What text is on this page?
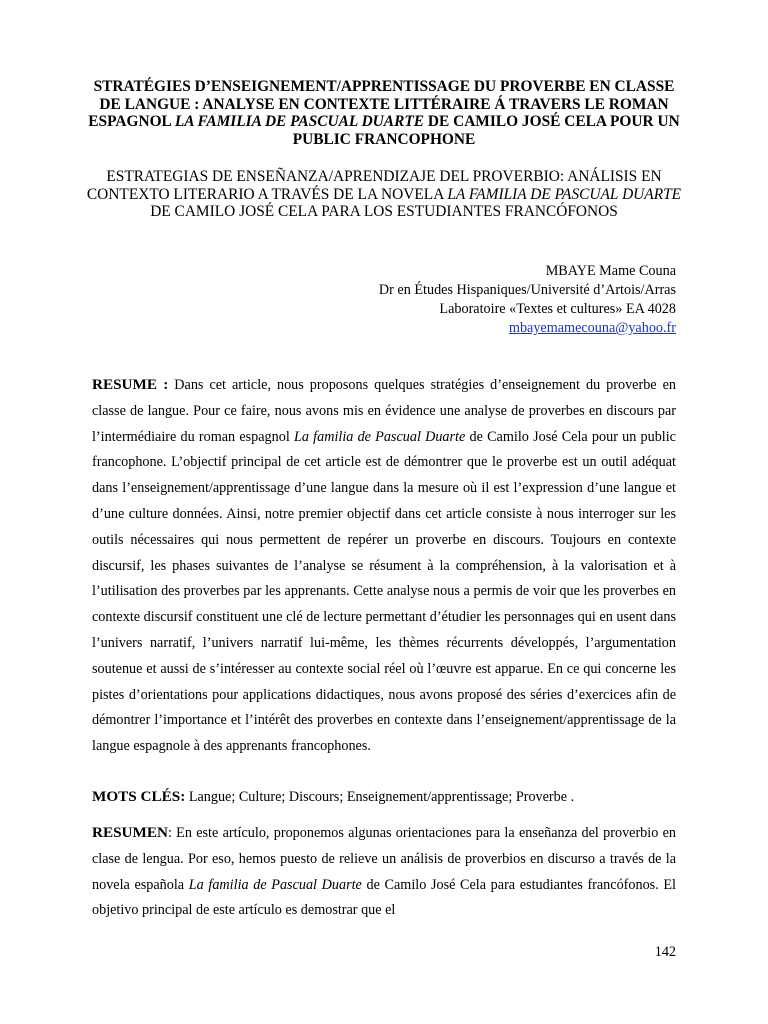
STRATÉGIES D’ENSEIGNEMENT/APPRENTISSAGE DU PROVERBE EN CLASSE DE LANGUE : ANALYSE EN CONTEXTE LITTÉRAIRE Á TRAVERS LE ROMAN ESPAGNOL LA FAMILIA DE PASCUAL DUARTE DE CAMILO JOSÉ CELA POUR UN PUBLIC FRANCOPHONE
ESTRATEGIAS DE ENSEÑANZA/APRENDIZAJE DEL PROVERBIO: ANÁLISIS EN CONTEXTO LITERARIO A TRAVÉS DE LA NOVELA LA FAMILIA DE PASCUAL DUARTE DE CAMILO JOSÉ CELA PARA LOS ESTUDIANTES FRANCÓFONOS
MBAYE Mame Couna
Dr en Études Hispaniques/Université d’Artois/Arras
Laboratoire «Textes et cultures» EA 4028
mbayemamecouna@yahoo.fr

RESUME : Dans cet article, nous proposons quelques stratégies d’enseignement du proverbe en classe de langue. Pour ce faire, nous avons mis en évidence une analyse de proverbes en discours par l’intermédiaire du roman espagnol La familia de Pascual Duarte de Camilo José Cela pour un public francophone. L’objectif principal de cet article est de démontrer que le proverbe est un outil adéquat dans l’enseignement/apprentissage d’une langue dans la mesure où il est l’expression d’une langue et d’une culture données. Ainsi, notre premier objectif dans cet article consiste à nous interroger sur les outils nécessaires qui nous permettent de repérer un proverbe en discours. Toujours en contexte discursif, les phases suivantes de l’analyse se résument à la compréhension, à la valorisation et à l’utilisation des proverbes par les apprenants. Cette analyse nous a permis de voir que les proverbes en contexte discursif constituent une clé de lecture permettant d’étudier les personnages qui en usent dans l’univers narratif, l’univers narratif lui-même, les thèmes récurrents développés, l’argumentation soutenue et aussi de s’intéresser au contexte social réel où l’œuvre est apparue. En ce qui concerne les pistes d’orientations pour applications didactiques, nous avons proposé des séries d’exercices afin de démontrer l’importance et l’intérêt des proverbes en contexte dans l’enseignement/apprentissage de la langue espagnole à des apprenants francophones.

MOTS CLÉS: Langue; Culture; Discours; Enseignement/apprentissage; Proverbe .

RESUMEN: En este artículo, proponemos algunas orientaciones para la enseñanza del proverbio en clase de lengua. Por eso, hemos puesto de relieve un análisis de proverbios en discurso a través de la novela española La familia de Pascual Duarte de Camilo José Cela para estudiantes francófonos. El objetivo principal de este artículo es demostrar que el

142
